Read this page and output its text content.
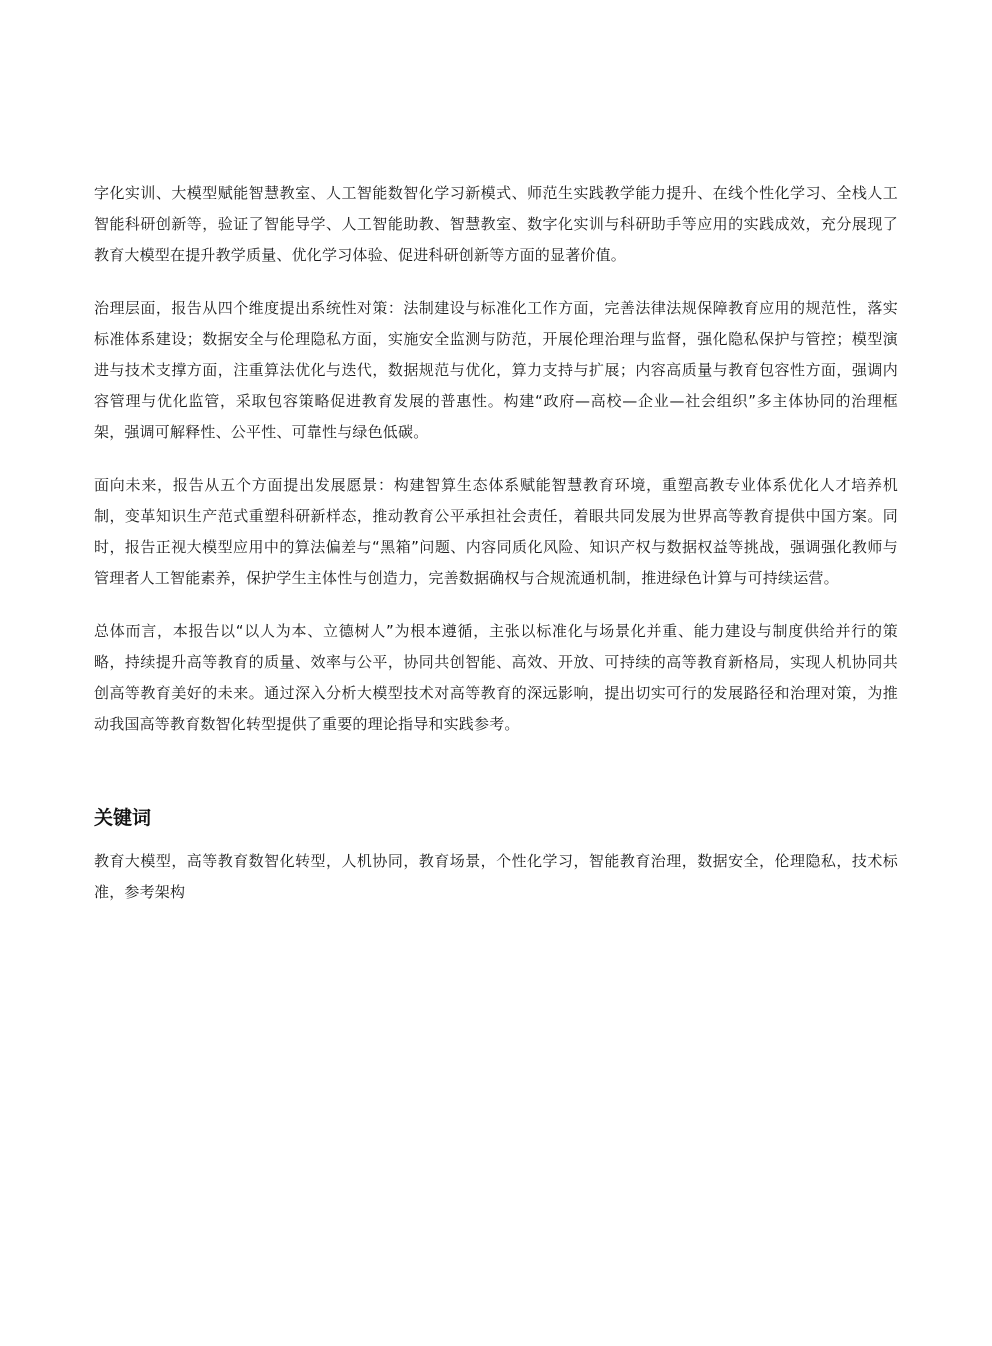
字化实训、大模型赋能智慧教室、人工智能数智化学习新模式、师范生实践教学能力提升、在线个性化学习、全栈人工智能科研创新等，验证了智能导学、人工智能助教、智慧教室、数字化实训与科研助手等应用的实践成效，充分展现了教育大模型在提升教学质量、优化学习体验、促进科研创新等方面的显著价值。

治理层面，报告从四个维度提出系统性对策：法制建设与标准化工作方面，完善法律法规保障教育应用的规范性，落实标准体系建设；数据安全与伦理隐私方面，实施安全监测与防范，开展伦理治理与监督，强化隐私保护与管控；模型演进与技术支撑方面，注重算法优化与迭代，数据规范与优化，算力支持与扩展；内容高质量与教育包容性方面，强调内容管理与优化监管，采取包容策略促进教育发展的普惠性。构建“政府—高校—企业—社会组织”多主体协同的治理框架，强调可解释性、公平性、可靠性与绿色低碳。

面向未来，报告从五个方面提出发展愿景：构建智算生态体系赋能智慧教育环境，重塑高教专业体系优化人才培养机制，变革知识生产范式重塑科研新样态，推动教育公平承担社会责任，着眼共同发展为世界高等教育提供中国方案。同时，报告正视大模型应用中的算法偏差与“黑箱”问题、内容同质化风险、知识产权与数据权益等挑战，强调强化教师与管理者人工智能素养，保护学生主体性与创造力，完善数据确权与合规流通机制，推进绿色计算与可持续运营。

总体而言，本报告以“以人为本、立德树人”为根本遵循，主张以标准化与场景化并重、能力建设与制度供给并行的策略，持续提升高等教育的质量、效率与公平，协同共创智能、高效、开放、可持续的高等教育新格局，实现人机协同共创高等教育美好的未来。通过深入分析大模型技术对高等教育的深远影响，提出切实可行的发展路径和治理对策，为推动我国高等教育数智化转型提供了重要的理论指导和实践参考。

关键词

教育大模型，高等教育数智化转型，人机协同，教育场景，个性化学习，智能教育治理，数据安全，伦理隐私，技术标准，参考架构
